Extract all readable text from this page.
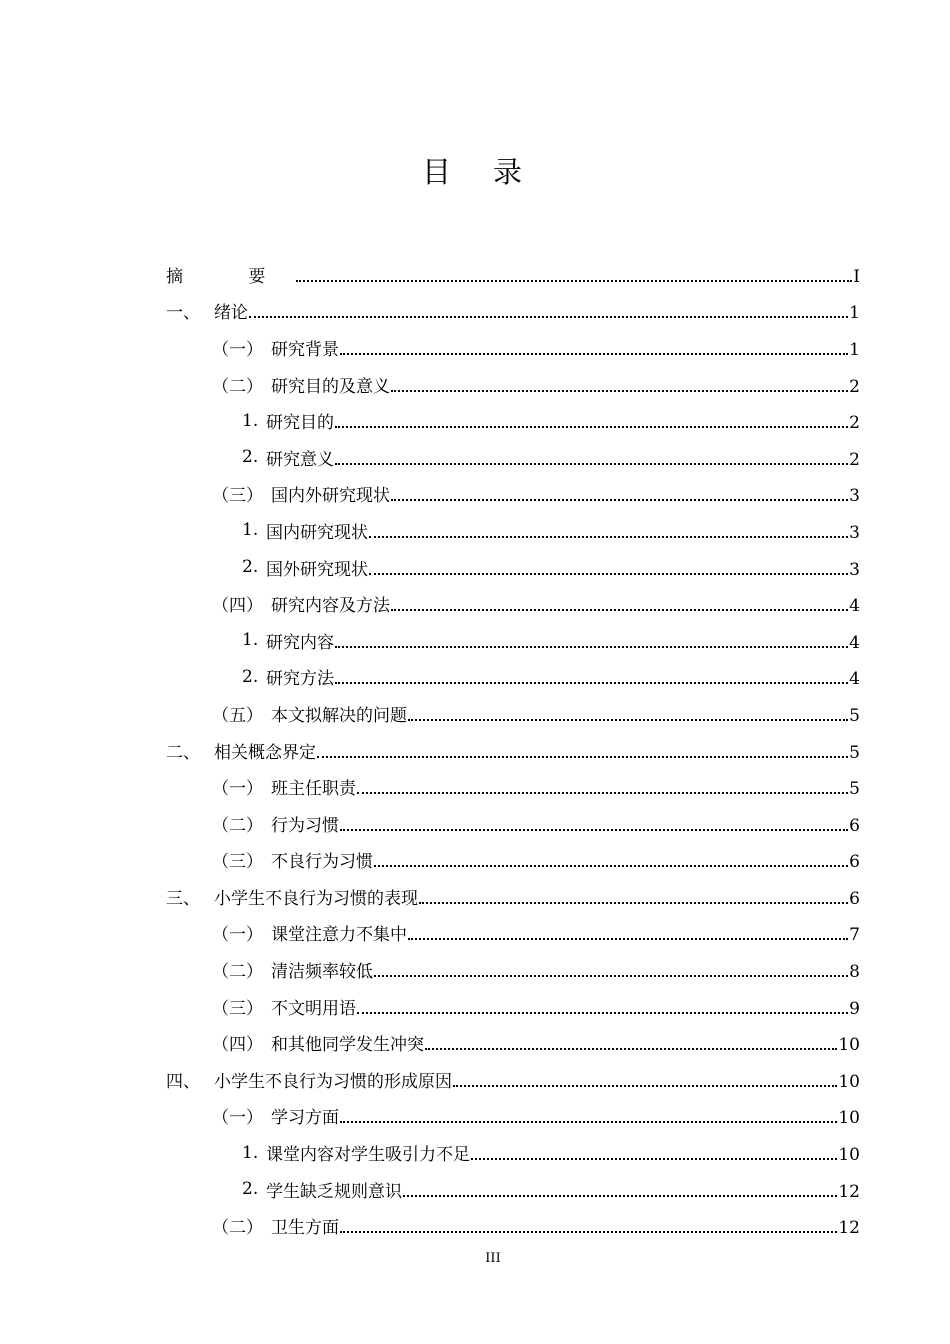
目录
摘 要	I
一、 绪论	1
（一） 研究背景	1
（二） 研究目的及意义	2
1. 研究目的	2
2. 研究意义	2
（三） 国内外研究现状	3
1. 国内研究现状	3
2. 国外研究现状	3
（四） 研究内容及方法	4
1. 研究内容	4
2. 研究方法	4
（五） 本文拟解决的问题	5
二、 相关概念界定	5
（一） 班主任职责	5
（二） 行为习惯	6
（三） 不良行为习惯	6
三、 小学生不良行为习惯的表现	6
（一） 课堂注意力不集中	7
（二） 清洁频率较低	8
（三） 不文明用语	9
（四） 和其他同学发生冲突	10
四、 小学生不良行为习惯的形成原因	10
（一） 学习方面	10
1. 课堂内容对学生吸引力不足	10
2. 学生缺乏规则意识	12
（二） 卫生方面	12
III
